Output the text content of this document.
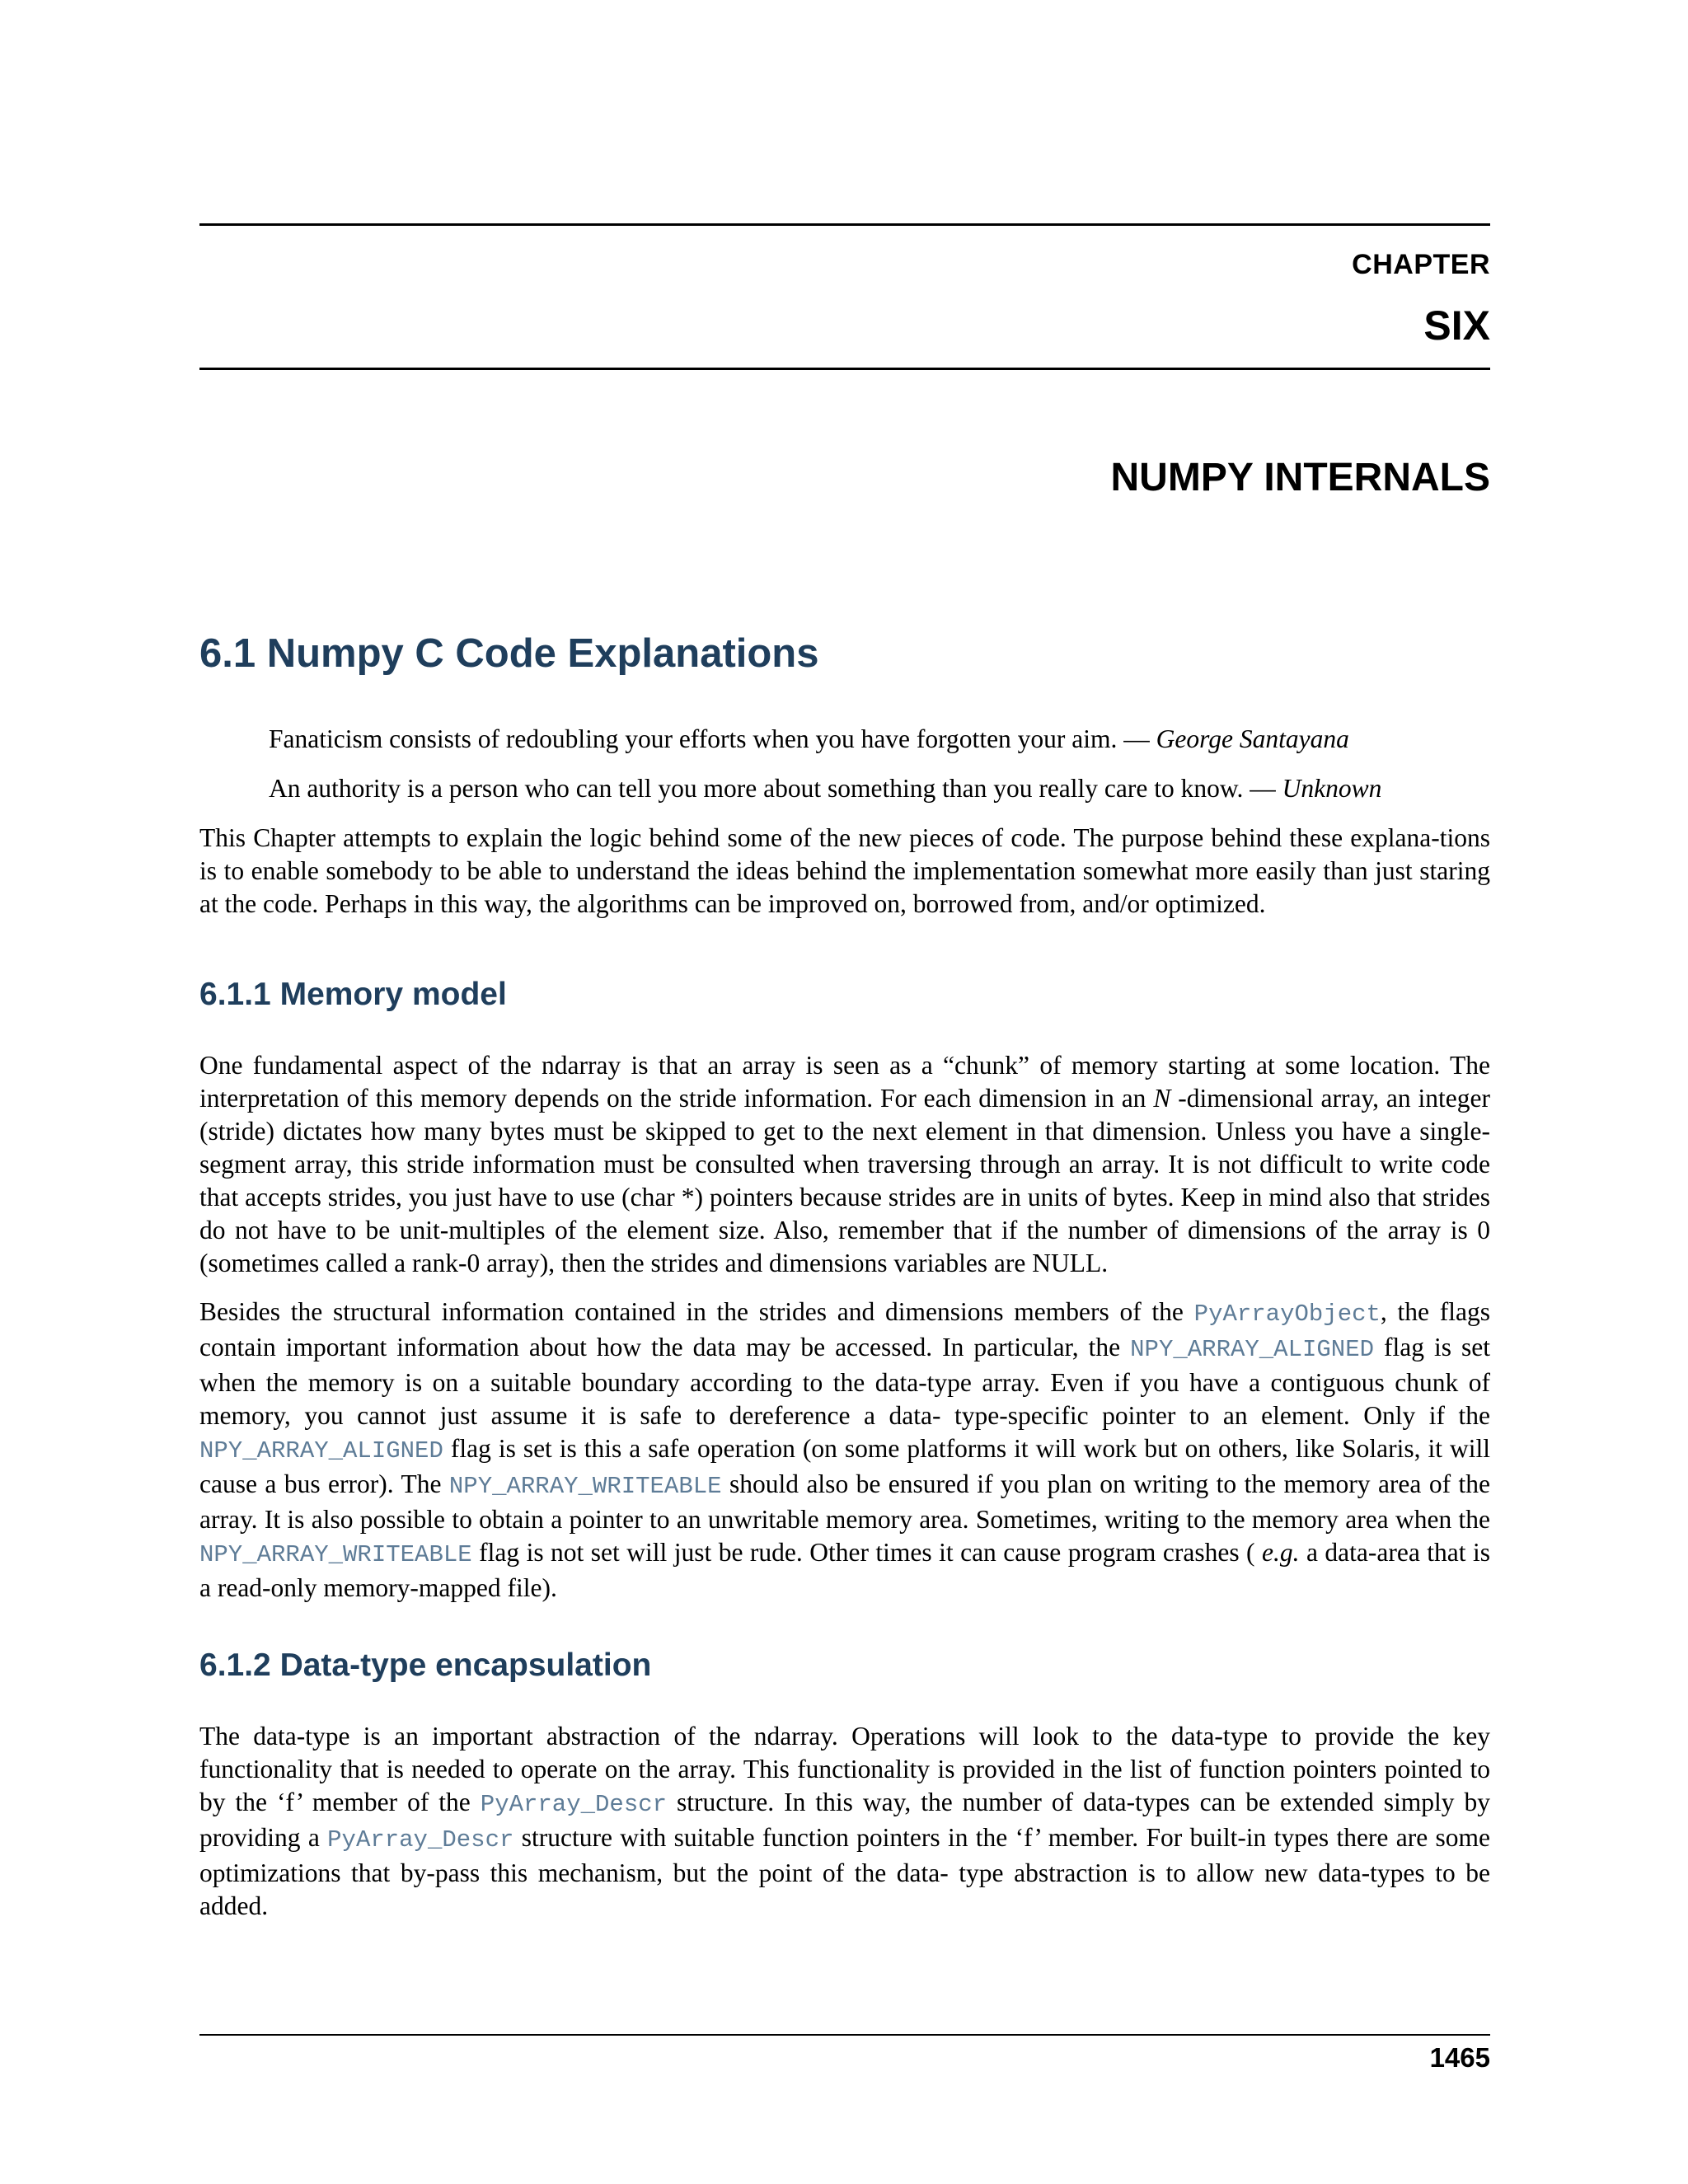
CHAPTER
SIX
NUMPY INTERNALS
6.1 Numpy C Code Explanations
Fanaticism consists of redoubling your efforts when you have forgotten your aim. — George Santayana
An authority is a person who can tell you more about something than you really care to know. — Unknown
This Chapter attempts to explain the logic behind some of the new pieces of code. The purpose behind these explana-tions is to enable somebody to be able to understand the ideas behind the implementation somewhat more easily than just staring at the code. Perhaps in this way, the algorithms can be improved on, borrowed from, and/or optimized.
6.1.1 Memory model
One fundamental aspect of the ndarray is that an array is seen as a “chunk” of memory starting at some location. The interpretation of this memory depends on the stride information. For each dimension in an N -dimensional array, an integer (stride) dictates how many bytes must be skipped to get to the next element in that dimension. Unless you have a single-segment array, this stride information must be consulted when traversing through an array. It is not difficult to write code that accepts strides, you just have to use (char *) pointers because strides are in units of bytes. Keep in mind also that strides do not have to be unit-multiples of the element size. Also, remember that if the number of dimensions of the array is 0 (sometimes called a rank-0 array), then the strides and dimensions variables are NULL.
Besides the structural information contained in the strides and dimensions members of the PyArrayObject, the flags contain important information about how the data may be accessed. In particular, the NPY_ARRAY_ALIGNED flag is set when the memory is on a suitable boundary according to the data-type array. Even if you have a contiguous chunk of memory, you cannot just assume it is safe to dereference a data- type-specific pointer to an element. Only if the NPY_ARRAY_ALIGNED flag is set is this a safe operation (on some platforms it will work but on others, like Solaris, it will cause a bus error). The NPY_ARRAY_WRITEABLE should also be ensured if you plan on writing to the memory area of the array. It is also possible to obtain a pointer to an unwritable memory area. Sometimes, writing to the memory area when the NPY_ARRAY_WRITEABLE flag is not set will just be rude. Other times it can cause program crashes ( e.g. a data-area that is a read-only memory-mapped file).
6.1.2 Data-type encapsulation
The data-type is an important abstraction of the ndarray. Operations will look to the data-type to provide the key functionality that is needed to operate on the array. This functionality is provided in the list of function pointers pointed to by the ‘f’ member of the PyArray_Descr structure. In this way, the number of data-types can be extended simply by providing a PyArray_Descr structure with suitable function pointers in the ‘f’ member. For built-in types there are some optimizations that by-pass this mechanism, but the point of the data- type abstraction is to allow new data-types to be added.
1465
